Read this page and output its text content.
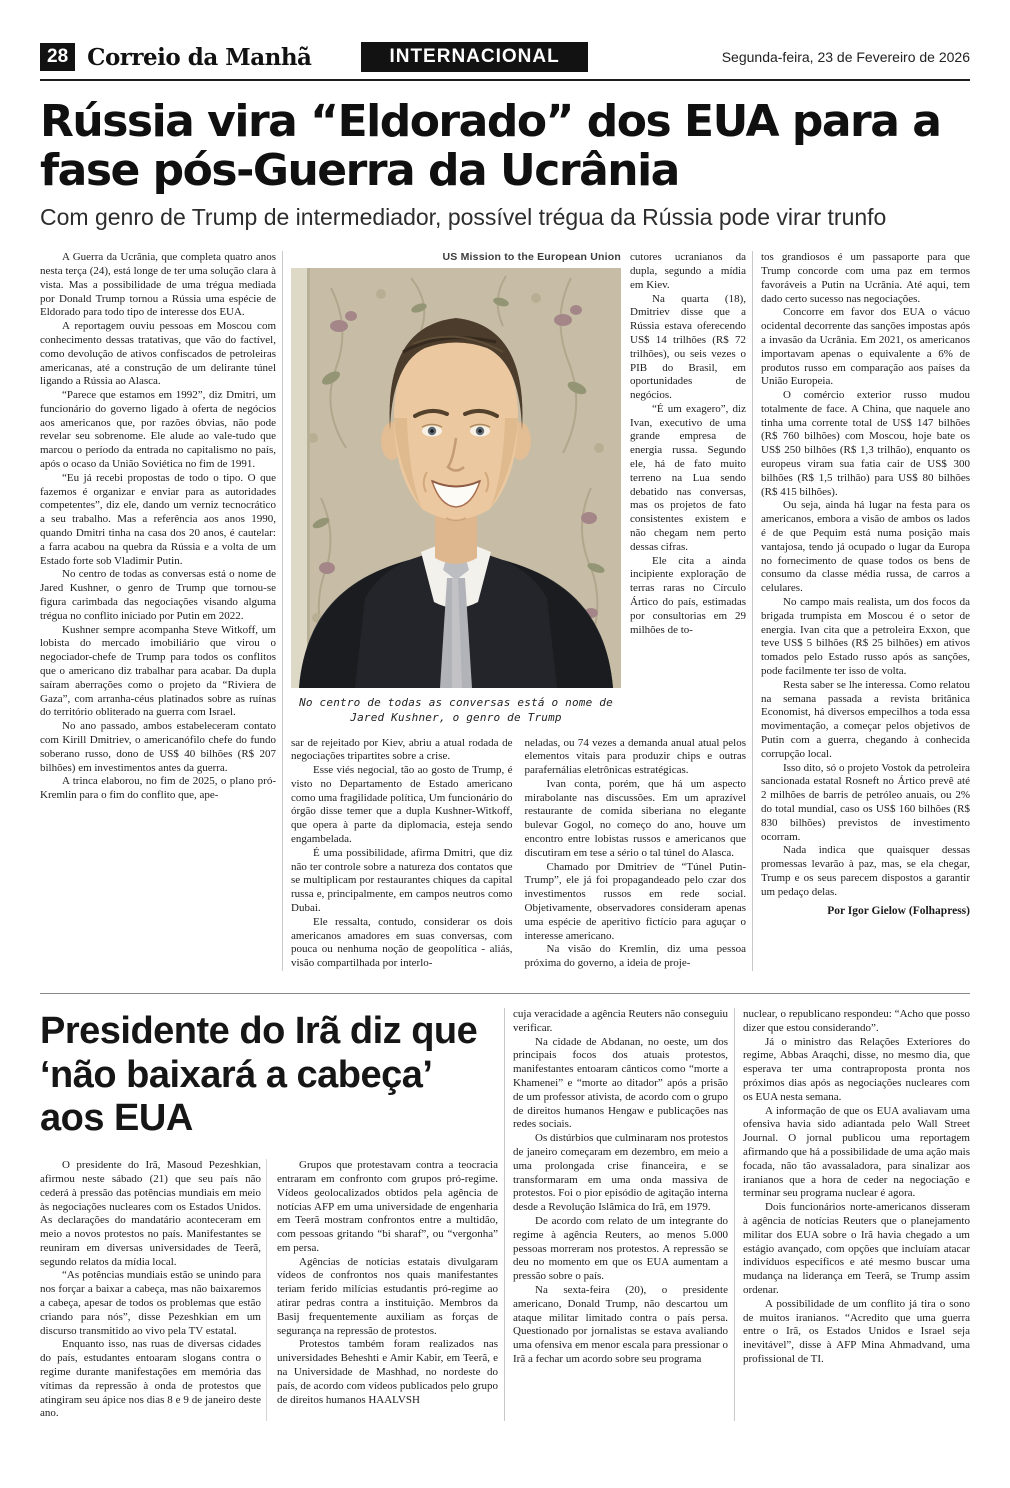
28 Correio da Manhã	INTERNACIONAL	Segunda-feira, 23 de Fevereiro de 2026
Rússia vira “Eldorado” dos EUA para a fase pós-Guerra da Ucrânia
Com genro de Trump de intermediador, possível trégua da Rússia pode virar trunfo

A Guerra da Ucrânia, que completa quatro anos nesta terça (24), está longe de ter uma solução clara à vista. Mas a possibilidade de uma trégua mediada por Donald Trump tornou a Rússia uma espécie de Eldorado para todo tipo de interesse dos EUA.

A reportagem ouviu pessoas em Moscou com conhecimento dessas tratativas, que vão do factível, como devolução de ativos confiscados de petroleiras americanas, até a construção de um delirante túnel ligando a Rússia ao Alasca.

“Parece que estamos em 1992”, diz Dmitri, um funcionário do governo ligado à oferta de negócios aos americanos que, por razões óbvias, não pode revelar seu sobrenome. Ele alude ao vale-tudo que marcou o período da entrada no capitalismo no país, após o ocaso da União Soviética no fim de 1991.

“Eu já recebi propostas de todo o tipo. O que fazemos é organizar e enviar para as autoridades competentes”, diz ele, dando um verniz tecnocrático a seu trabalho. Mas a referência aos anos 1990, quando Dmitri tinha na casa dos 20 anos, é cautelar: a farra acabou na quebra da Rússia e a volta de um Estado forte sob Vladimir Putin.

No centro de todas as conversas está o nome de Jared Kushner, o genro de Trump que tornou-se figura carimbada das negociações visando alguma trégua no conflito iniciado por Putin em 2022.

Kushner sempre acompanha Steve Witkoff, um lobista do mercado imobiliário que virou o negociador-chefe de Trump para todos os conflitos que o americano diz trabalhar para acabar. Da dupla saíram aberrações como o projeto da “Riviera de Gaza”, com arranha-céus platinados sobre as ruínas do território obliterado na guerra com Israel.

No ano passado, ambos estabeleceram contato com Kirill Dmitriev, o americanófilo chefe do fundo soberano russo, dono de US$ 40 bilhões (R$ 207 bilhões) em investimentos antes da guerra.

A trinca elaborou, no fim de 2025, o plano pró-Kremlin para o fim do conflito que, ape-

US Mission to the European Union
No centro de todas as conversas está o nome de Jared Kushner, o genro de Trump

cutores ucranianos da dupla, segundo a mídia em Kiev.

Na quarta (18), Dmitriev disse que a Rússia estava oferecendo US$ 14 trilhões (R$ 72 trilhões), ou seis vezes o PIB do Brasil, em oportunidades de negócios.

“É um exagero”, diz Ivan, executivo de uma grande empresa de energia russa. Segundo ele, há de fato muito terreno na Lua sendo debatido nas conversas, mas os projetos de fato consistentes existem e não chegam nem perto dessas cifras.

Ele cita a ainda incipiente exploração de terras raras no Círculo Ártico do país, estimadas por consultorias em 29 milhões de to-

sar de rejeitado por Kiev, abriu a atual rodada de negociações tripartites sobre a crise.

Esse viés negocial, tão ao gosto de Trump, é visto no Departamento de Estado americano como uma fragilidade política, Um funcionário do órgão disse temer que a dupla Kushner-Witkoff, que opera à parte da diplomacia, esteja sendo engambelada.

É uma possibilidade, afirma Dmitri, que diz não ter controle sobre a natureza dos contatos que se multiplicam por restaurantes chiques da capital russa e, principalmente, em campos neutros como Dubai.

Ele ressalta, contudo, considerar os dois americanos amadores em suas conversas, com pouca ou nenhuma noção de geopolítica - aliás, visão compartilhada por interlo-

neladas, ou 74 vezes a demanda anual atual pelos elementos vitais para produzir chips e outras parafernálias eletrônicas estratégicas.

Ivan conta, porém, que há um aspecto mirabolante nas discussões. Em um aprazível restaurante de comida siberiana no elegante bulevar Gogol, no começo do ano, houve um encontro entre lobistas russos e americanos que discutiram em tese a sério o tal túnel do Alasca.

Chamado por Dmitriev de “Túnel Putin-Trump”, ele já foi propagandeado pelo czar dos investimentos russos em rede social. Objetivamente, observadores consideram apenas uma espécie de aperitivo fictício para aguçar o interesse americano.

Na visão do Kremlin, diz uma pessoa próxima do governo, a ideia de proje-

tos grandiosos é um passaporte para que Trump concorde com uma paz em termos favoráveis a Putin na Ucrânia. Até aqui, tem dado certo sucesso nas negociações.

Concorre em favor dos EUA o vácuo ocidental decorrente das sanções impostas após a invasão da Ucrânia. Em 2021, os americanos importavam apenas o equivalente a 6% de produtos russo em comparação aos países da União Europeia.

O comércio exterior russo mudou totalmente de face. A China, que naquele ano tinha uma corrente total de US$ 147 bilhões (R$ 760 bilhões) com Moscou, hoje bate os US$ 250 bilhões (R$ 1,3 trilhão), enquanto os europeus viram sua fatia cair de US$ 300 bilhões (R$ 1,5 trilhão) para US$ 80 bilhões (R$ 415 bilhões).

Ou seja, ainda há lugar na festa para os americanos, embora a visão de ambos os lados é de que Pequim está numa posição mais vantajosa, tendo já ocupado o lugar da Europa no fornecimento de quase todos os bens de consumo da classe média russa, de carros a celulares.

No campo mais realista, um dos focos da brigada trumpista em Moscou é o setor de energia. Ivan cita que a petroleira Exxon, que teve US$ 5 bilhões (R$ 25 bilhões) em ativos tomados pelo Estado russo após as sanções, pode facilmente ter isso de volta.

Resta saber se lhe interessa. Como relatou na semana passada a revista britânica Economist, há diversos empecilhos a toda essa movimentação, a começar pelos objetivos de Putin com a guerra, chegando à conhecida corrupção local.

Isso dito, só o projeto Vostok da petroleira sancionada estatal Rosneft no Ártico prevê até 2 milhões de barris de petróleo anuais, ou 2% do total mundial, caso os US$ 160 bilhões (R$ 830 bilhões) previstos de investimento ocorram.

Nada indica que quaisquer dessas promessas levarão à paz, mas, se ela chegar, Trump e os seus parecem dispostos a garantir um pedaço delas.

Por Igor Gielow (Folhapress)
Presidente do Irã diz que ‘não baixará a cabeça’ aos EUA

O presidente do Irã, Masoud Pezeshkian, afirmou neste sábado (21) que seu país não cederá à pressão das potências mundiais em meio às negociações nucleares com os Estados Unidos. As declarações do mandatário aconteceram em meio a novos protestos no país. Manifestantes se reuniram em diversas universidades de Teerã, segundo relatos da mídia local.

“As potências mundiais estão se unindo para nos forçar a baixar a cabeça, mas não baixaremos a cabeça, apesar de todos os problemas que estão criando para nós”, disse Pezeshkian em um discurso transmitido ao vivo pela TV estatal.

Enquanto isso, nas ruas de diversas cidades do país, estudantes entoaram slogans contra o regime durante manifestações em memória das vítimas da repressão à onda de protestos que atingiram seu ápice nos dias 8 e 9 de janeiro deste ano.

Grupos que protestavam contra a teocracia entraram em confronto com grupos pró-regime. Vídeos geolocalizados obtidos pela agência de notícias AFP em uma universidade de engenharia em Teerã mostram confrontos entre a multidão, com pessoas gritando “bi sharaf”, ou “vergonha” em persa.

Agências de notícias estatais divulgaram vídeos de confrontos nos quais manifestantes teriam ferido milícias estudantis pró-regime ao atirar pedras contra a instituição. Membros da Basij frequentemente auxiliam as forças de segurança na repressão de protestos.

Protestos também foram realizados nas universidades Beheshti e Amir Kabir, em Teerã, e na Universidade de Mashhad, no nordeste do país, de acordo com vídeos publicados pelo grupo de direitos humanos HAALVSH

cuja veracidade a agência Reuters não conseguiu verificar.

Na cidade de Abdanan, no oeste, um dos principais focos dos atuais protestos, manifestantes entoaram cânticos como “morte a Khamenei” e “morte ao ditador” após a prisão de um professor ativista, de acordo com o grupo de direitos humanos Hengaw e publicações nas redes sociais.

Os distúrbios que culminaram nos protestos de janeiro começaram em dezembro, em meio a uma prolongada crise financeira, e se transformaram em uma onda massiva de protestos. Foi o pior episódio de agitação interna desde a Revolução Islâmica do Irã, em 1979.

De acordo com relato de um integrante do regime à agência Reuters, ao menos 5.000 pessoas morreram nos protestos. A repressão se deu no momento em que os EUA aumentam a pressão sobre o país.

Na sexta-feira (20), o presidente americano, Donald Trump, não descartou um ataque militar limitado contra o país persa. Questionado por jornalistas se estava avaliando uma ofensiva em menor escala para pressionar o Irã a fechar um acordo sobre seu programa

nuclear, o republicano respondeu: “Acho que posso dizer que estou considerando”.

Já o ministro das Relações Exteriores do regime, Abbas Araqchi, disse, no mesmo dia, que esperava ter uma contraproposta pronta nos próximos dias após as negociações nucleares com os EUA nesta semana.

A informação de que os EUA avaliavam uma ofensiva havia sido adiantada pelo Wall Street Journal. O jornal publicou uma reportagem afirmando que há a possibilidade de uma ação mais focada, não tão avassaladora, para sinalizar aos iranianos que a hora de ceder na negociação e terminar seu programa nuclear é agora.

Dois funcionários norte-americanos disseram à agência de notícias Reuters que o planejamento militar dos EUA sobre o Irã havia chegado a um estágio avançado, com opções que incluíam atacar indivíduos específicos e até mesmo buscar uma mudança na liderança em Teerã, se Trump assim ordenar.

A possibilidade de um conflito já tira o sono de muitos iranianos. “Acredito que uma guerra entre o Irã, os Estados Unidos e Israel seja inevitável”, disse à AFP Mina Ahmadvand, uma profissional de TI.
